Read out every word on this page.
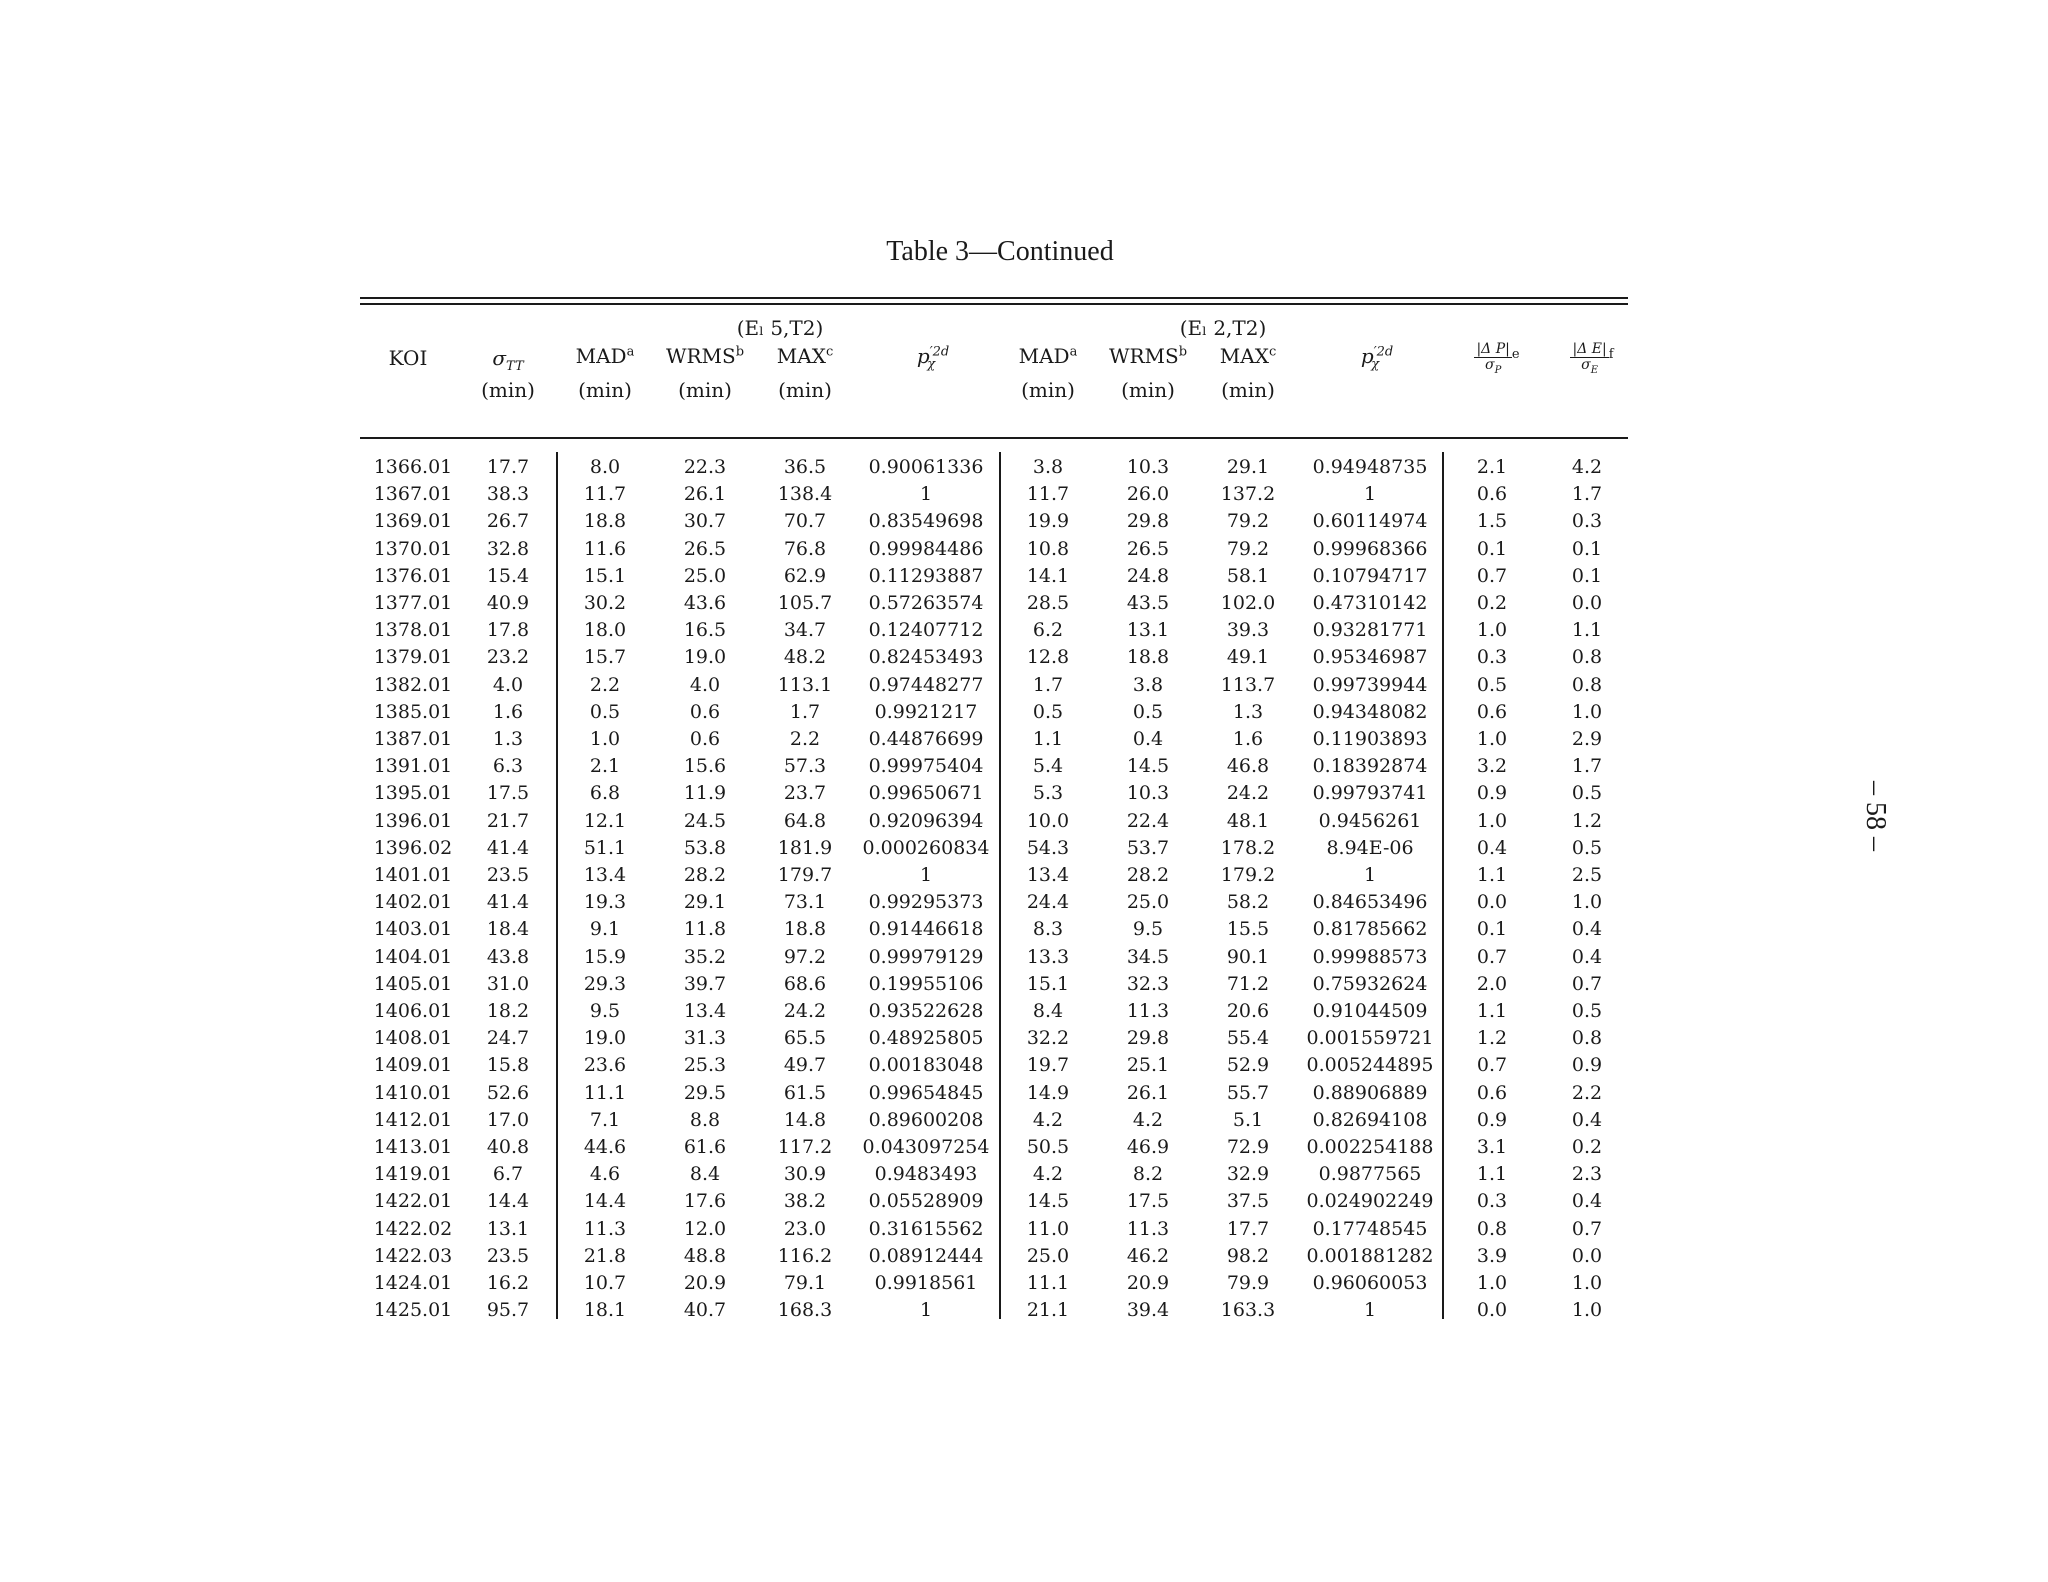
Table 3—Continued
– 58 –
(Eₗ 5,T2)	(Eₗ 2,T2)
KOI	$\sigma_{TT}$	MAD$^a$	WRMS$^b$	MAX$^c$	$p^{'2d}_\chi$	MAD$^a$	WRMS$^b$	MAX$^c$	$p^{'2d}_\chi$	$\frac{\text{|Δ P|}}{\sigma_P} ^e$	$\frac{\text{|Δ E|}}{\sigma_E} ^f$
(min)	(min)	(min)	(min)	(min)	(min)	(min)
1366.01	17.7	8.0	22.3	36.5	0.90061336	3.8	10.3	29.1	0.94948735	2.1	4.2
1367.01	38.3	11.7	26.1	138.4	1	11.7	26.0	137.2	1	0.6	1.7
1369.01	26.7	18.8	30.7	70.7	0.83549698	19.9	29.8	79.2	0.60114974	1.5	0.3
1370.01	32.8	11.6	26.5	76.8	0.99984486	10.8	26.5	79.2	0.99968366	0.1	0.1
1376.01	15.4	15.1	25.0	62.9	0.11293887	14.1	24.8	58.1	0.10794717	0.7	0.1
1377.01	40.9	30.2	43.6	105.7	0.57263574	28.5	43.5	102.0	0.47310142	0.2	0.0
1378.01	17.8	18.0	16.5	34.7	0.12407712	6.2	13.1	39.3	0.93281771	1.0	1.1
1379.01	23.2	15.7	19.0	48.2	0.82453493	12.8	18.8	49.1	0.95346987	0.3	0.8
1382.01	4.0	2.2	4.0	113.1	0.97448277	1.7	3.8	113.7	0.99739944	0.5	0.8
1385.01	1.6	0.5	0.6	1.7	0.9921217	0.5	0.5	1.3	0.94348082	0.6	1.0
1387.01	1.3	1.0	0.6	2.2	0.44876699	1.1	0.4	1.6	0.11903893	1.0	2.9
1391.01	6.3	2.1	15.6	57.3	0.99975404	5.4	14.5	46.8	0.18392874	3.2	1.7
1395.01	17.5	6.8	11.9	23.7	0.99650671	5.3	10.3	24.2	0.99793741	0.9	0.5
1396.01	21.7	12.1	24.5	64.8	0.92096394	10.0	22.4	48.1	0.9456261	1.0	1.2
1396.02	41.4	51.1	53.8	181.9	0.000260834	54.3	53.7	178.2	8.94E-06	0.4	0.5
1401.01	23.5	13.4	28.2	179.7	1	13.4	28.2	179.2	1	1.1	2.5
1402.01	41.4	19.3	29.1	73.1	0.99295373	24.4	25.0	58.2	0.84653496	0.0	1.0
1403.01	18.4	9.1	11.8	18.8	0.91446618	8.3	9.5	15.5	0.81785662	0.1	0.4
1404.01	43.8	15.9	35.2	97.2	0.99979129	13.3	34.5	90.1	0.99988573	0.7	0.4
1405.01	31.0	29.3	39.7	68.6	0.19955106	15.1	32.3	71.2	0.75932624	2.0	0.7
1406.01	18.2	9.5	13.4	24.2	0.93522628	8.4	11.3	20.6	0.91044509	1.1	0.5
1408.01	24.7	19.0	31.3	65.5	0.48925805	32.2	29.8	55.4	0.001559721	1.2	0.8
1409.01	15.8	23.6	25.3	49.7	0.00183048	19.7	25.1	52.9	0.005244895	0.7	0.9
1410.01	52.6	11.1	29.5	61.5	0.99654845	14.9	26.1	55.7	0.88906889	0.6	2.2
1412.01	17.0	7.1	8.8	14.8	0.89600208	4.2	4.2	5.1	0.82694108	0.9	0.4
1413.01	40.8	44.6	61.6	117.2	0.043097254	50.5	46.9	72.9	0.002254188	3.1	0.2
1419.01	6.7	4.6	8.4	30.9	0.9483493	4.2	8.2	32.9	0.9877565	1.1	2.3
1422.01	14.4	14.4	17.6	38.2	0.05528909	14.5	17.5	37.5	0.024902249	0.3	0.4
1422.02	13.1	11.3	12.0	23.0	0.31615562	11.0	11.3	17.7	0.17748545	0.8	0.7
1422.03	23.5	21.8	48.8	116.2	0.08912444	25.0	46.2	98.2	0.001881282	3.9	0.0
1424.01	16.2	10.7	20.9	79.1	0.9918561	11.1	20.9	79.9	0.96060053	1.0	1.0
1425.01	95.7	18.1	40.7	168.3	1	21.1	39.4	163.3	1	0.0	1.0
